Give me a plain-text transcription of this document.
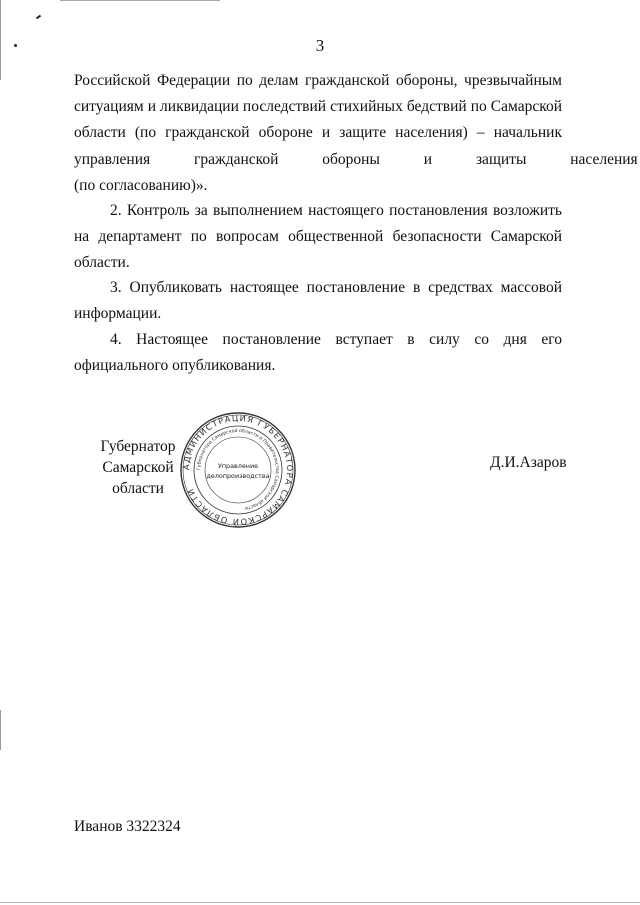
3
Российской Федерации по делам гражданской обороны, чрезвычайным
ситуациям и ликвидации последствий стихийных бедствий по Самарской
области (по гражданской обороне и защите населения) – начальник
управления гражданской обороны и защиты населения
(по согласованию)».
2. Контроль за выполнением настоящего постановления возложить
на департамент по вопросам общественной безопасности Самарской
области.
3. Опубликовать настоящее постановление в средствах массовой
информации.
4. Настоящее постановление вступает в силу со дня его
официального опубликования.
Губернатор
Самарской области
АДМИНИСТРАЦИЯ ГУБЕРНАТОРА САМАРСКОЙ ОБЛАСТИ
Губернатора Самарской области и Правительства Самарской области
Управление
делопроизводства
Д.И.Азаров
Иванов 3322324
